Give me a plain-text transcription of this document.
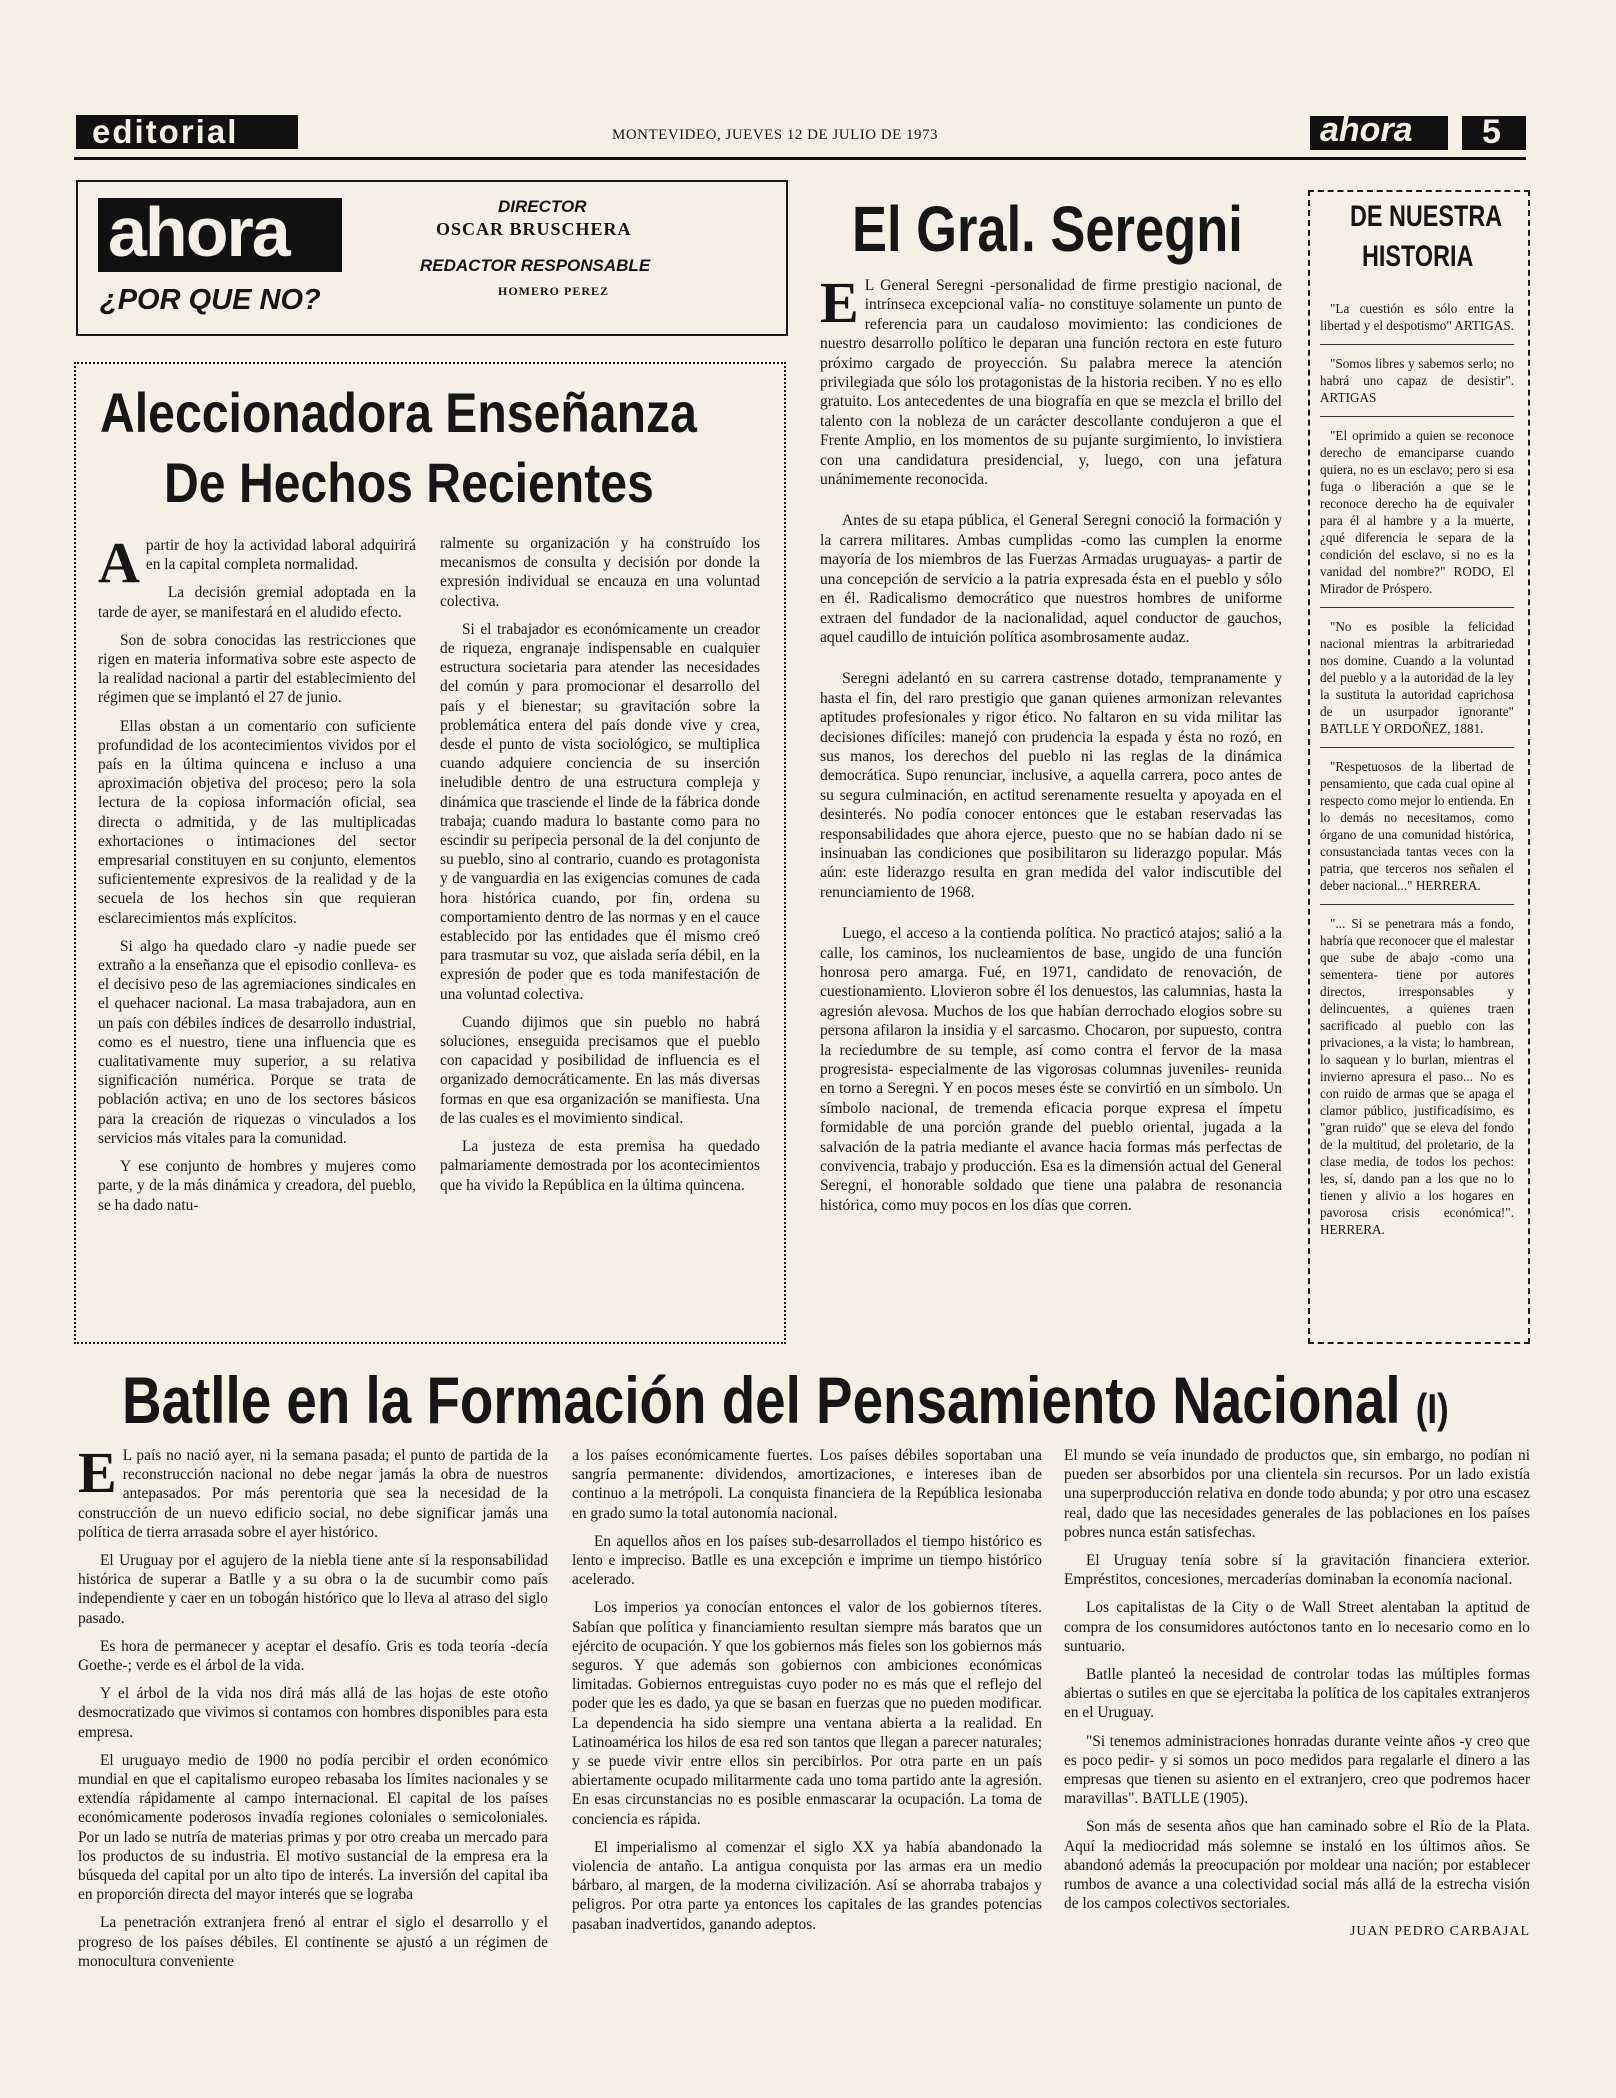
editorial	MONTEVIDEO, JUEVES 12 DE JULIO DE 1973	ahora 5
ahora
¿POR QUE NO?
DIRECTOR
OSCAR BRUSCHERA
REDACTOR RESPONSABLE
HOMERO PEREZ
Aleccionadora Enseñanza
De Hechos Recientes

Apartir de hoy la actividad laboral adquirirá en la capital completa normalidad.

La decisión gremial adoptada en la tarde de ayer, se manifestará en el aludido efecto.

Son de sobra conocidas las restricciones que rigen en materia informativa sobre este aspecto de la realidad nacional a partir del establecimiento del régimen que se implantó el 27 de junio.

Ellas obstan a un comentario con suficiente profundidad de los acontecimientos vividos por el país en la última quincena e incluso a una aproximación objetiva del proceso; pero la sola lectura de la copiosa información oficial, sea directa o admitida, y de las multiplicadas exhortaciones o intimaciones del sector empresarial constituyen en su conjunto, elementos suficientemente expresivos de la realidad y de la secuela de los hechos sin que requieran esclarecimientos más explícitos.

Si algo ha quedado claro -y nadie puede ser extraño a la enseñanza que el episodio conlleva- es el decisivo peso de las agremiaciones sindicales en el quehacer nacional. La masa trabajadora, aun en un país con débiles índices de desarrollo industrial, como es el nuestro, tiene una influencia que es cualitativamente muy superior, a su relativa significación numérica. Porque se trata de población activa; en uno de los sectores básicos para la creación de riquezas o vinculados a los servicios más vitales para la comunidad.

Y ese conjunto de hombres y mujeres como parte, y de la más dinámica y creadora, del pueblo, se ha dado natu-

ralmente su organización y ha construído los mecanismos de consulta y decisión por donde la expresión individual se encauza en una voluntad colectiva.

Si el trabajador es económicamente un creador de riqueza, engranaje indispensable en cualquier estructura societaria para atender las necesidades del común y para promocionar el desarrollo del país y el bienestar; su gravitación sobre la problemática entera del país donde vive y crea, desde el punto de vista sociológico, se multiplica cuando adquiere conciencia de su inserción ineludible dentro de una estructura compleja y dinámica que trasciende el linde de la fábrica donde trabaja; cuando madura lo bastante como para no escindir su peripecia personal de la del conjunto de su pueblo, sino al contrario, cuando es protagonista y de vanguardia en las exigencias comunes de cada hora histórica cuando, por fin, ordena su comportamiento dentro de las normas y en el cauce establecido por las entidades que él mismo creó para trasmutar su voz, que aislada sería débil, en la expresión de poder que es toda manifestación de una voluntad colectiva.

Cuando dijimos que sin pueblo no habrá soluciones, enseguida precisamos que el pueblo con capacidad y posibilidad de influencia es el organizado democráticamente. En las más diversas formas en que esa organización se manifiesta. Una de las cuales es el movimiento sindical.

La justeza de esta premisa ha quedado palmariamente demostrada por los acontecimientos que ha vivido la República en la última quincena.

El Gral. Seregni

E L General Seregni -personalidad de firme prestigio nacional, de intrínseca excepcional valía- no constituye solamente un punto de referencia para un caudaloso movimiento: las condiciones de nuestro desarrollo político le deparan una función rectora en este futuro próximo cargado de proyección. Su palabra merece la atención privilegiada que sólo los protagonistas de la historia reciben. Y no es ello gratuito. Los antecedentes de una biografía en que se mezcla el brillo del talento con la nobleza de un carácter descollante condujeron a que el Frente Amplio, en los momentos de su pujante surgimiento, lo invistiera con una candidatura presidencial, y, luego, con una jefatura unánimemente reconocida.

Antes de su etapa pública, el General Seregni conoció la formación y la carrera militares. Ambas cumplidas -como las cumplen la enorme mayoría de los miembros de las Fuerzas Armadas uruguayas- a partir de una concepción de servicio a la patria expresada ésta en el pueblo y sólo en él. Radicalismo democrático que nuestros hombres de uniforme extraen del fundador de la nacionalidad, aquel conductor de gauchos, aquel caudillo de intuición política asombrosamente audaz.

Seregni adelantó en su carrera castrense dotado, tempranamente y hasta el fin, del raro prestigio que ganan quienes armonizan relevantes aptitudes profesionales y rigor ético. No faltaron en su vida militar las decisiones difíciles: manejó con prudencia la espada y ésta no rozó, en sus manos, los derechos del pueblo ni las reglas de la dinámica democrática. Supo renunciar, inclusive, a aquella carrera, poco antes de su segura culminación, en actitud serenamente resuelta y apoyada en el desinterés. No podía conocer entonces que le estaban reservadas las responsabilidades que ahora ejerce, puesto que no se habían dado ni se insinuaban las condiciones que posibilitaron su liderazgo popular. Más aún: este liderazgo resulta en gran medida del valor indiscutible del renunciamiento de 1968.

Luego, el acceso a la contienda política. No practicó atajos; salió a la calle, los caminos, los nucleamientos de base, ungido de una función honrosa pero amarga. Fué, en 1971, candidato de renovación, de cuestionamiento. Llovieron sobre él los denuestos, las calumnias, hasta la agresión alevosa. Muchos de los que habían derrochado elogios sobre su persona afilaron la insidia y el sarcasmo. Chocaron, por supuesto, contra la reciedumbre de su temple, así como contra el fervor de la masa progresista- especialmente de las vigorosas columnas juveniles- reunida en torno a Seregni. Y en pocos meses éste se convirtió en un símbolo. Un símbolo nacional, de tremenda eficacia porque expresa el ímpetu formidable de una porción grande del pueblo oriental, jugada a la salvación de la patria mediante el avance hacia formas más perfectas de convivencia, trabajo y producción. Esa es la dimensión actual del General Seregni, el honorable soldado que tiene una palabra de resonancia histórica, como muy pocos en los días que corren.

DE NUESTRA
HISTORIA

"La cuestión es sólo entre la libertad y el despotismo" ARTIGAS.

"Somos libres y sabemos serlo; no habrá uno capaz de desistir". ARTIGAS

"El oprimido a quien se reconoce derecho de emanciparse cuando quiera, no es un esclavo; pero si esa fuga o liberación a que se le reconoce derecho ha de equivaler para él al hambre y a la muerte, ¿qué diferencia le separa de la condición del esclavo, si no es la vanidad del nombre?" RODO, El Mirador de Próspero.

"No es posible la felicidad nacional mientras la arbitrariedad nos domine. Cuando a la voluntad del pueblo y a la autoridad de la ley la sustituta la autoridad caprichosa de un usurpador ignorante" BATLLE Y ORDOÑEZ, 1881.

"Respetuosos de la libertad de pensamiento, que cada cual opine al respecto como mejor lo entienda. En lo demás no necesitamos, como órgano de una comunidad histórica, consustanciada tantas veces con la patria, que terceros nos señalen el deber nacional..." HERRERA.

"... Si se penetrara más a fondo, habría que reconocer que el malestar que sube de abajo -como una sementera- tiene por autores directos, irresponsables y delincuentes, a quienes traen sacrificado al pueblo con las privaciones, a la vista; lo hambrean, lo saquean y lo burlan, mientras el invierno apresura el paso... No es con ruido de armas que se apaga el clamor público, justificadísimo, es "gran ruido" que se eleva del fondo de la multitud, del proletario, de la clase media, de todos los pechos: les, sí, dando pan a los que no lo tienen y alivio a los hogares en pavorosa crisis económica!". HERRERA.

Batlle en la Formación del Pensamiento Nacional (I)

E L país no nació ayer, ni la semana pasada; el punto de partida de la reconstrucción nacional no debe negar jamás la obra de nuestros antepasados. Por más perentoria que sea la necesidad de la construcción de un nuevo edificio social, no debe significar jamás una política de tierra arrasada sobre el ayer histórico.

El Uruguay por el agujero de la niebla tiene ante sí la responsabilidad histórica de superar a Batlle y a su obra o la de sucumbir como país independiente y caer en un tobogán histórico que lo lleva al atraso del siglo pasado.

Es hora de permanecer y aceptar el desafío. Gris es toda teoría -decía Goethe-; verde es el árbol de la vida.

Y el árbol de la vida nos dirá más allá de las hojas de este otoño desmocratizado que vivimos si contamos con hombres disponibles para esta empresa.

El uruguayo medio de 1900 no podía percibir el orden económico mundial en que el capitalismo europeo rebasaba los límites nacionales y se extendía rápidamente al campo internacional. El capital de los países económicamente poderosos invadía regiones coloniales o semicoloniales. Por un lado se nutría de materias primas y por otro creaba un mercado para los productos de su industria. El motivo sustancial de la empresa era la búsqueda del capital por un alto tipo de interés. La inversión del capital iba en proporción directa del mayor interés que se lograba

La penetración extranjera frenó al entrar el siglo el desarrollo y el progreso de los países débiles. El continente se ajustó a un régimen de monocultura conveniente

a los países económicamente fuertes. Los países débiles soportaban una sangría permanente: dividendos, amortizaciones, e intereses iban de continuo a la metrópoli. La conquista financiera de la República lesionaba en grado sumo la total autonomía nacional.

En aquellos años en los países sub-desarrollados el tiempo histórico es lento e impreciso. Batlle es una excepción e imprime un tiempo histórico acelerado.

Los imperios ya conocían entonces el valor de los gobiernos títeres. Sabían que política y financiamiento resultan siempre más baratos que un ejército de ocupación. Y que los gobiernos más fieles son los gobiernos más seguros. Y que además son gobiernos con ambiciones económicas limitadas. Gobiernos entreguistas cuyo poder no es más que el reflejo del poder que les es dado, ya que se basan en fuerzas que no pueden modificar. La dependencia ha sido siempre una ventana abierta a la realidad. En Latinoamérica los hilos de esa red son tantos que llegan a parecer naturales; y se puede vivir entre ellos sin percibirlos. Por otra parte en un país abiertamente ocupado militarmente cada uno toma partido ante la agresión. En esas circunstancias no es posible enmascarar la ocupación. La toma de conciencia es rápida.

El imperialismo al comenzar el siglo XX ya había abandonado la violencia de antaño. La antigua conquista por las armas era un medio bárbaro, al margen, de la moderna civilización. Así se ahorraba trabajos y peligros. Por otra parte ya entonces los capitales de las grandes potencias pasaban inadvertidos, ganando adeptos.

El mundo se veía inundado de productos que, sin embargo, no podían ni pueden ser absorbidos por una clientela sin recursos. Por un lado existía una superproducción relativa en donde todo abunda; y por otro una escasez real, dado que las necesidades generales de las poblaciones en los países pobres nunca están satisfechas.

El Uruguay tenía sobre sí la gravitación financiera exterior. Empréstitos, concesiones, mercaderías dominaban la economía nacional.

Los capitalistas de la City o de Wall Street alentaban la aptitud de compra de los consumidores autóctonos tanto en lo necesario como en lo suntuario.

Batlle planteó la necesidad de controlar todas las múltiples formas abiertas o sutiles en que se ejercitaba la política de los capitales extranjeros en el Uruguay.

"Si tenemos administraciones honradas durante veinte años -y creo que es poco pedir- y si somos un poco medidos para regalarle el dinero a las empresas que tienen su asiento en el extranjero, creo que podremos hacer maravillas". BATLLE (1905).

Son más de sesenta años que han caminado sobre el Río de la Plata. Aquí la mediocridad más solemne se instaló en los últimos años. Se abandonó además la preocupación por moldear una nación; por establecer rumbos de avance a una colectividad social más allá de la estrecha visión de los campos colectivos sectoriales.

JUAN PEDRO CARBAJAL
